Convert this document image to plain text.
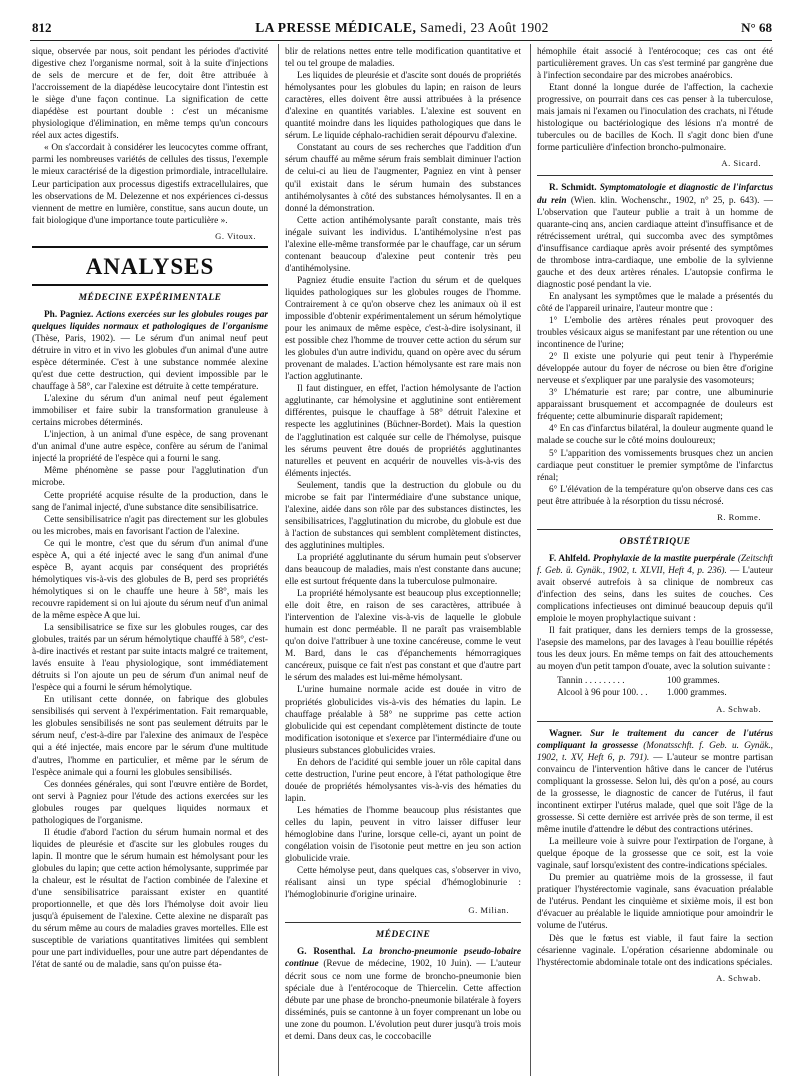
812	LA PRESSE MÉDICALE, Samedi, 23 Août 1902	N° 68

sique, observée par nous, soit pendant les périodes d'activité digestive chez l'organisme normal, soit à la suite d'injections de sels de mercure et de fer, doit être attribuée à l'accroissement de la diapédèse leucocytaire dont l'intestin est le siège d'une façon continue. La signification de cette diapédèse est pourtant double : c'est un mécanisme physiologique d'élimination, en même temps qu'un concours réel aux actes digestifs.

« On s'accordait à considérer les leucocytes comme offrant, parmi les nombreuses variétés de cellules des tissus, l'exemple le mieux caractérisé de la digestion primordiale, intracellulaire. Leur participation aux processus digestifs extracellulaires, que les observations de M. Delezenne et nos expériences ci-dessus viennent de mettre en lumière, constitue, sans aucun doute, un fait biologique d'une importance toute particulière ».

G. Vitoux.
ANALYSES
MÉDECINE EXPÉRIMENTALE

Ph. Pagniez. Actions exercées sur les globules rouges par quelques liquides normaux et pathologiques de l'organisme (Thèse, Paris, 1902). — Le sérum d'un animal neuf peut détruire in vitro et in vivo les globules d'un animal d'une autre espèce déterminée. C'est à une substance nommée alexine qu'est due cette destruction, qui devient impossible par le chauffage à 58°, car l'alexine est détruite à cette température.

L'alexine du sérum d'un animal neuf peut également immobiliser et faire subir la transformation granuleuse à certains microbes déterminés.

L'injection, à un animal d'une espèce, de sang provenant d'un animal d'une autre espèce, confère au sérum de l'animal injecté la propriété de l'espèce qui a fourni le sang.

Même phénomène se passe pour l'agglutination d'un microbe.

Cette propriété acquise résulte de la production, dans le sang de l'animal injecté, d'une substance dite sensibilisatrice.

Cette sensibilisatrice n'agit pas directement sur les globules ou les microbes, mais en favorisant l'action de l'alexine.

Ce qui le montre, c'est que du sérum d'un animal d'une espèce A, qui a été injecté avec le sang d'un animal d'une espèce B, ayant acquis par conséquent des propriétés hémolytiques vis-à-vis des globules de B, perd ses propriétés hémolytiques si on le chauffe une heure à 58°, mais les recouvre rapidement si on lui ajoute du sérum neuf d'un animal de la même espèce A que lui.

La sensibilisatrice se fixe sur les globules rouges, car des globules, traités par un sérum hémolytique chauffé à 58°, c'est-à-dire inactivés et restant par suite intacts malgré ce traitement, lavés ensuite à l'eau physiologique, sont immédiatement détruits si l'on ajoute un peu de sérum d'un animal neuf de l'espèce qui a fourni le sérum hémolytique.

En utilisant cette donnée, on fabrique des globules sensibilisés qui servent à l'expérimentation. Fait remarquable, les globules sensibilisés ne sont pas seulement détruits par le sérum neuf, c'est-à-dire par l'alexine des animaux de l'espèce qui a été injectée, mais encore par le sérum d'une multitude d'autres, l'homme en particulier, et même par le sérum de l'espèce animale qui a fourni les globules sensibilisés.

Ces données générales, qui sont l'œuvre entière de Bordet, ont servi à Pagniez pour l'étude des actions exercées sur les globules rouges par quelques liquides normaux et pathologiques de l'organisme.

Il étudie d'abord l'action du sérum humain normal et des liquides de pleurésie et d'ascite sur les globules rouges du lapin. Il montre que le sérum humain est hémolysant pour les globules du lapin; que cette action hémolysante, supprimée par la chaleur, est le résultat de l'action combinée de l'alexine et d'une sensibilisatrice paraissant exister en quantité proportionnelle, et que dès lors l'hémolyse doit avoir lieu jusqu'à épuisement de l'alexine. Cette alexine ne disparaît pas du sérum même au cours de maladies graves mortelles. Elle est susceptible de variations quantitatives limitées qui semblent pour une part individuelles, pour une autre part dépendantes de l'état de santé ou de maladie, sans qu'on puisse éta-

blir de relations nettes entre telle modification quantitative et tel ou tel groupe de maladies.

Les liquides de pleurésie et d'ascite sont doués de propriétés hémolysantes pour les globules du lapin; en raison de leurs caractères, elles doivent être aussi attribuées à la présence d'alexine en quantités variables. L'alexine est souvent en quantité moindre dans les liquides pathologiques que dans le sérum. Le liquide céphalo-rachidien serait dépourvu d'alexine.

Constatant au cours de ses recherches que l'addition d'un sérum chauffé au même sérum frais semblait diminuer l'action de celui-ci au lieu de l'augmenter, Pagniez en vint à penser qu'il existait dans le sérum humain des substances antihémolysantes à côté des substances hémolysantes. Il en a donné la démonstration.

Cette action antihémolysante paraît constante, mais très inégale suivant les individus. L'antihémolysine n'est pas l'alexine elle-même transformée par le chauffage, car un sérum contenant beaucoup d'alexine peut contenir très peu d'antihémolysine.

Pagniez étudie ensuite l'action du sérum et de quelques liquides pathologiques sur les globules rouges de l'homme. Contrairement à ce qu'on observe chez les animaux où il est impossible d'obtenir expérimentalement un sérum hémolytique pour les animaux de même espèce, c'est-à-dire isolysinant, il est possible chez l'homme de trouver cette action du sérum sur les globules d'un autre individu, quand on opère avec du sérum provenant de malades. L'action hémolysante est rare mais non l'action agglutinante.

Il faut distinguer, en effet, l'action hémolysante de l'action agglutinante, car hémolysine et agglutinine sont entièrement différentes, puisque le chauffage à 58° détruit l'alexine et respecte les agglutinines (Büchner-Bordet). Mais la question de l'agglutination est calquée sur celle de l'hémolyse, puisque les sérums peuvent être doués de propriétés agglutinantes naturelles et peuvent en acquérir de nouvelles vis-à-vis des éléments injectés.

Seulement, tandis que la destruction du globule ou du microbe se fait par l'intermédiaire d'une substance unique, l'alexine, aidée dans son rôle par des substances distinctes, les sensibilisatrices, l'agglutination du microbe, du globule est due à l'action de substances qui semblent complètement distinctes, des agglutinines multiples.

La propriété agglutinante du sérum humain peut s'observer dans beaucoup de maladies, mais n'est constante dans aucune; elle est surtout fréquente dans la tuberculose pulmonaire.

La propriété hémolysante est beaucoup plus exceptionnelle; elle doit être, en raison de ses caractères, attribuée à l'intervention de l'alexine vis-à-vis de laquelle le globule humain est donc perméable. Il ne paraît pas vraisemblable qu'on doive l'attribuer à une toxine cancéreuse, comme le veut M. Bard, dans le cas d'épanchements hémorragiques cancéreux, puisque ce fait n'est pas constant et que d'autre part le sérum des malades est lui-même hémolysant.

L'urine humaine normale acide est douée in vitro de propriétés globulicides vis-à-vis des hématies du lapin. Le chauffage préalable à 58° ne supprime pas cette action globulicide qui est cependant complètement distincte de toute modification isotonique et s'exerce par l'intermédiaire d'une ou plusieurs substances globulicides vraies.

En dehors de l'acidité qui semble jouer un rôle capital dans cette destruction, l'urine peut encore, à l'état pathologique être douée de propriétés hémolysantes vis-à-vis des hématies du lapin.

Les hématies de l'homme beaucoup plus résistantes que celles du lapin, peuvent in vitro laisser diffuser leur hémoglobine dans l'urine, lorsque celle-ci, ayant un point de congélation voisin de l'isotonie peut mettre en jeu son action globulicide vraie.

Cette hémolyse peut, dans quelques cas, s'observer in vivo, réalisant ainsi un type spécial d'hémoglobinurie : l'hémoglobinurie d'origine urinaire.

G. Milian.
MÉDECINE

G. Rosenthal. La broncho-pneumonie pseudo-lobaire continue (Revue de médecine, 1902, 10 Juin). — L'auteur décrit sous ce nom une forme de broncho-pneumonie bien spéciale due à l'entérocoque de Thiercelin. Cette affection débute par une phase de broncho-pneumonie bilatérale à foyers disséminés, puis se cantonne à un foyer comprenant un lobe ou une zone du poumon. L'évolution peut durer jusqu'à trois mois et demi. Dans deux cas, le coccobacille

hémophile était associé à l'entérocoque; ces cas ont été particulièrement graves. Un cas s'est terminé par gangrène due à l'infection secondaire par des microbes anaérobics.

Etant donné la longue durée de l'affection, la cachexie progressive, on pourrait dans ces cas penser à la tuberculose, mais jamais ni l'examen ou l'inoculation des crachats, ni l'étude histologique ou bactériologique des lésions n'a montré de tubercules ou de bacilles de Koch. Il s'agit donc bien d'une forme particulière d'infection broncho-pulmonaire.

A. Sicard.

R. Schmidt. Symptomatologie et diagnostic de l'infarctus du rein (Wien. klin. Wochenschr., 1902, n° 25, p. 643). — L'observation que l'auteur publie a trait à un homme de quarante-cinq ans, ancien cardiaque atteint d'insuffisance et de rétrécissement urétral, qui succomba avec des symptômes d'insuffisance cardiaque après avoir présenté des symptômes de thrombose intra-cardiaque, une embolie de la sylvienne gauche et des deux artères rénales. L'autopsie confirma le diagnostic posé pendant la vie.

En analysant les symptômes que le malade a présentés du côté de l'appareil urinaire, l'auteur montre que :

1° L'embolie des artères rénales peut provoquer des troubles vésicaux aigus se manifestant par une rétention ou une incontinence de l'urine;

2° Il existe une polyurie qui peut tenir à l'hyperémie développée autour du foyer de nécrose ou bien être d'origine nerveuse et s'expliquer par une paralysie des vasomoteurs;

3° L'hématurie est rare; par contre, une albuminurie apparaissant brusquement et accompagnée de douleurs est fréquente; cette albuminurie disparaît rapidement;

4° En cas d'infarctus bilatéral, la douleur augmente quand le malade se couche sur le côté moins douloureux;

5° L'apparition des vomissements brusques chez un ancien cardiaque peut constituer le premier symptôme de l'infarctus rénal;

6° L'élévation de la température qu'on observe dans ces cas peut être attribuée à la résorption du tissu nécrosé.

R. Romme.
OBSTÉTRIQUE

F. Ahlfeld. Prophylaxie de la mastite puerpérale (Zeitschft f. Geb. ü. Gynäk., 1902, t. XLVII, Heft 4, p. 236). — L'auteur avait observé autrefois à sa clinique de nombreux cas d'infection des seins, dans les suites de couches. Ces complications infectieuses ont diminué beaucoup depuis qu'il emploie le moyen prophylactique suivant :

Il fait pratiquer, dans les derniers temps de la grossesse, l'asepsie des mamelons, par des lavages à l'eau bouillie répétés tous les deux jours. En même temps on fait des attouchements au moyen d'un petit tampon d'ouate, avec la solution suivante :

Tannin . . . . . . . . .	100 grammes.
Alcool à 96 pour 100. . . 1.000 grammes.
A. Schwab.

Wagner. Sur le traitement du cancer de l'utérus compliquant la grossesse (Monatsschft. f. Geb. u. Gynäk., 1902, t. XV, Heft 6, p. 791). — L'auteur se montre partisan convaincu de l'intervention hâtive dans le cancer de l'utérus compliquant la grossesse. Selon lui, dès qu'on a posé, au cours de la grossesse, le diagnostic de cancer de l'utérus, il faut incontinent extirper l'utérus malade, quel que soit l'âge de la grossesse. Si cette dernière est arrivée près de son terme, il est même inutile d'attendre le début des contractions utérines.

La meilleure voie à suivre pour l'extirpation de l'organe, à quelque époque de la grossesse que ce soit, est la voie vaginale, sauf lorsqu'existent des contre-indications spéciales.

Du premier au quatrième mois de la grossesse, il faut pratiquer l'hystérectomie vaginale, sans évacuation préalable de l'utérus. Pendant les cinquième et sixième mois, il est bon d'évacuer au préalable le liquide amniotique pour amoindrir le volume de l'utérus.

Dès que le fœtus est viable, il faut faire la section césarienne vaginale. L'opération césarienne abdominale ou l'hystérectomie abdominale totale ont des indications spéciales.

A. Schwab.
